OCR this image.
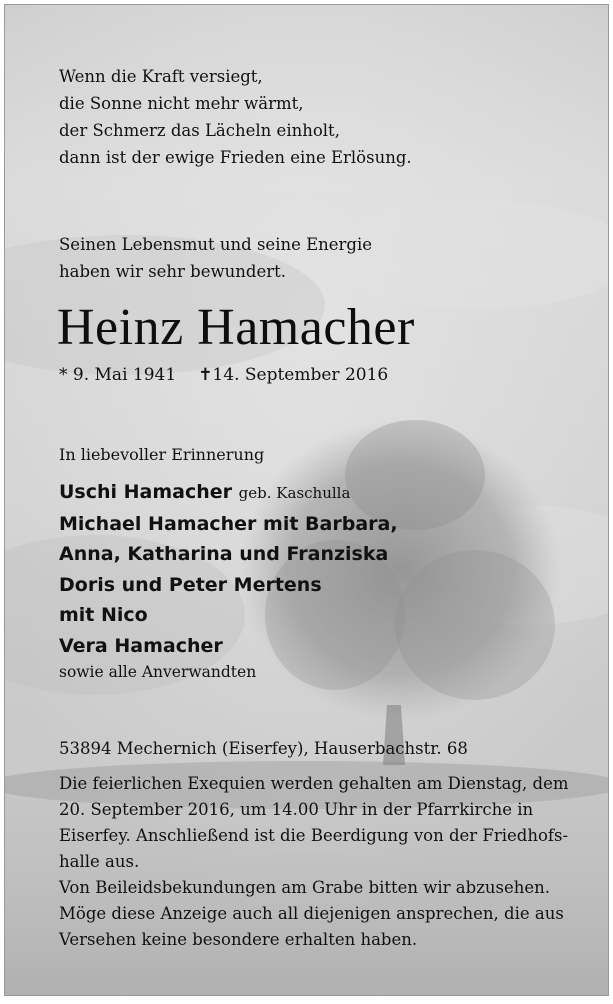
Wenn die Kraft versiegt,
die Sonne nicht mehr wärmt,
der Schmerz das Lächeln einholt,
dann ist der ewige Frieden eine Erlösung.
Seinen Lebensmut und seine Energie
haben wir sehr bewundert.
Heinz Hamacher
* 9. Mai 1941 ✝14. September 2016
In liebevoller Erinnerung
Uschi Hamacher geb. Kaschulla
Michael Hamacher mit Barbara,
Anna, Katharina und Franziska
Doris und Peter Mertens
mit Nico
Vera Hamacher
sowie alle Anverwandten
53894 Mechernich (Eiserfey), Hauserbachstr. 68
Die feierlichen Exequien werden gehalten am Dienstag, dem
20. September 2016, um 14.00 Uhr in der Pfarrkirche in
Eiserfey. Anschließend ist die Beerdigung von der Friedhofs-
halle aus.
Von Beileidsbekundungen am Grabe bitten wir abzusehen.
Möge diese Anzeige auch all diejenigen ansprechen, die aus
Versehen keine besondere erhalten haben.
